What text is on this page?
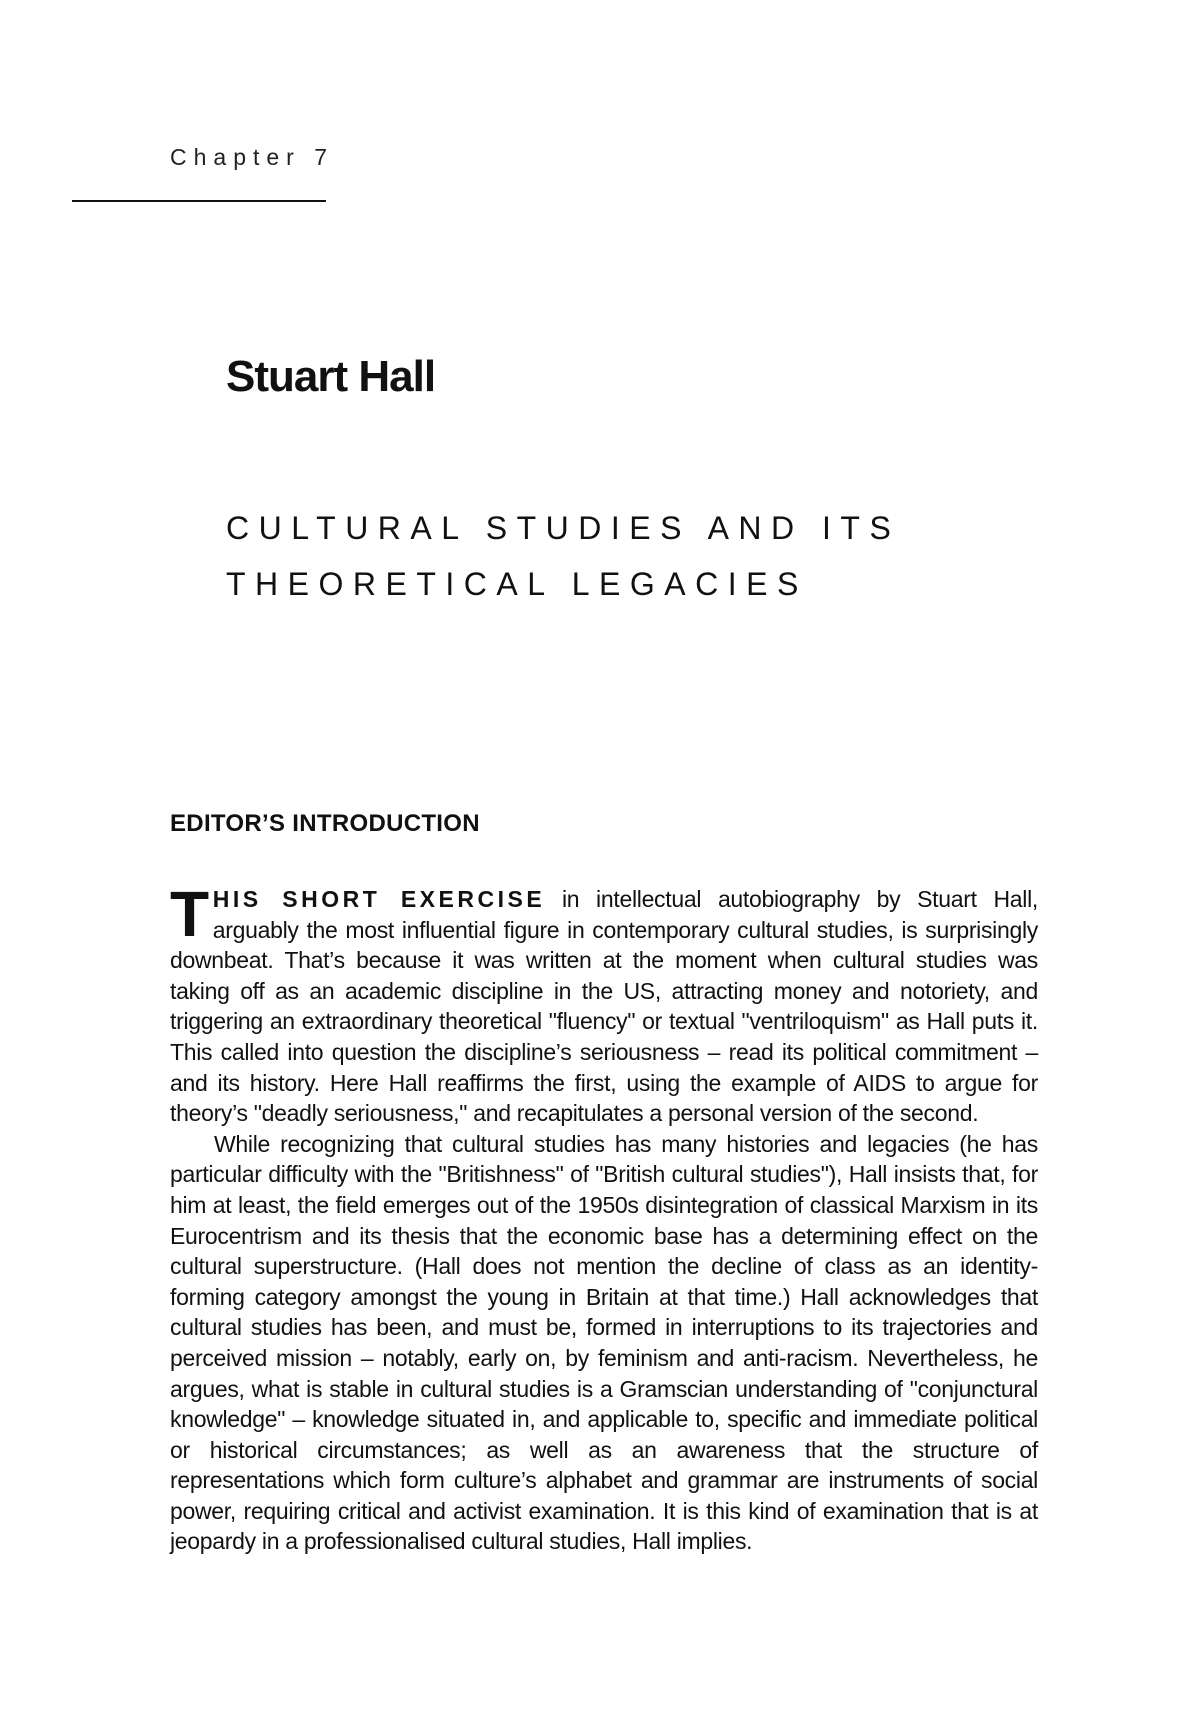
Chapter 7
Stuart Hall
CULTURAL STUDIES AND ITS
THEORETICAL LEGACIES
EDITOR’S INTRODUCTION

THIS SHORT EXERCISE in intellectual autobiography by Stuart Hall, arguably the most influential figure in contemporary cultural studies, is surprisingly downbeat. That’s because it was written at the moment when cultural studies was taking off as an academic discipline in the US, attracting money and notoriety, and triggering an extraordinary theoretical "fluency" or textual "ventriloquism" as Hall puts it. This called into question the discipline’s seriousness – read its political commitment – and its history. Here Hall reaffirms the first, using the example of AIDS to argue for theory’s "deadly seriousness," and recapitulates a personal version of the second.

While recognizing that cultural studies has many histories and legacies (he has particular difficulty with the "Britishness" of "British cultural studies"), Hall insists that, for him at least, the field emerges out of the 1950s disintegration of classical Marxism in its Eurocentrism and its thesis that the economic base has a determining effect on the cultural superstructure. (Hall does not mention the decline of class as an identity-forming category amongst the young in Britain at that time.) Hall acknowledges that cultural studies has been, and must be, formed in interruptions to its trajectories and perceived mission – notably, early on, by feminism and anti-racism. Nevertheless, he argues, what is stable in cultural studies is a Gramscian understanding of "conjunctural knowledge" – knowledge situated in, and applicable to, specific and immediate political or historical circumstances; as well as an awareness that the structure of representations which form culture’s alphabet and grammar are instruments of social power, requiring critical and activist examination. It is this kind of examination that is at jeopardy in a professionalised cultural studies, Hall implies.
